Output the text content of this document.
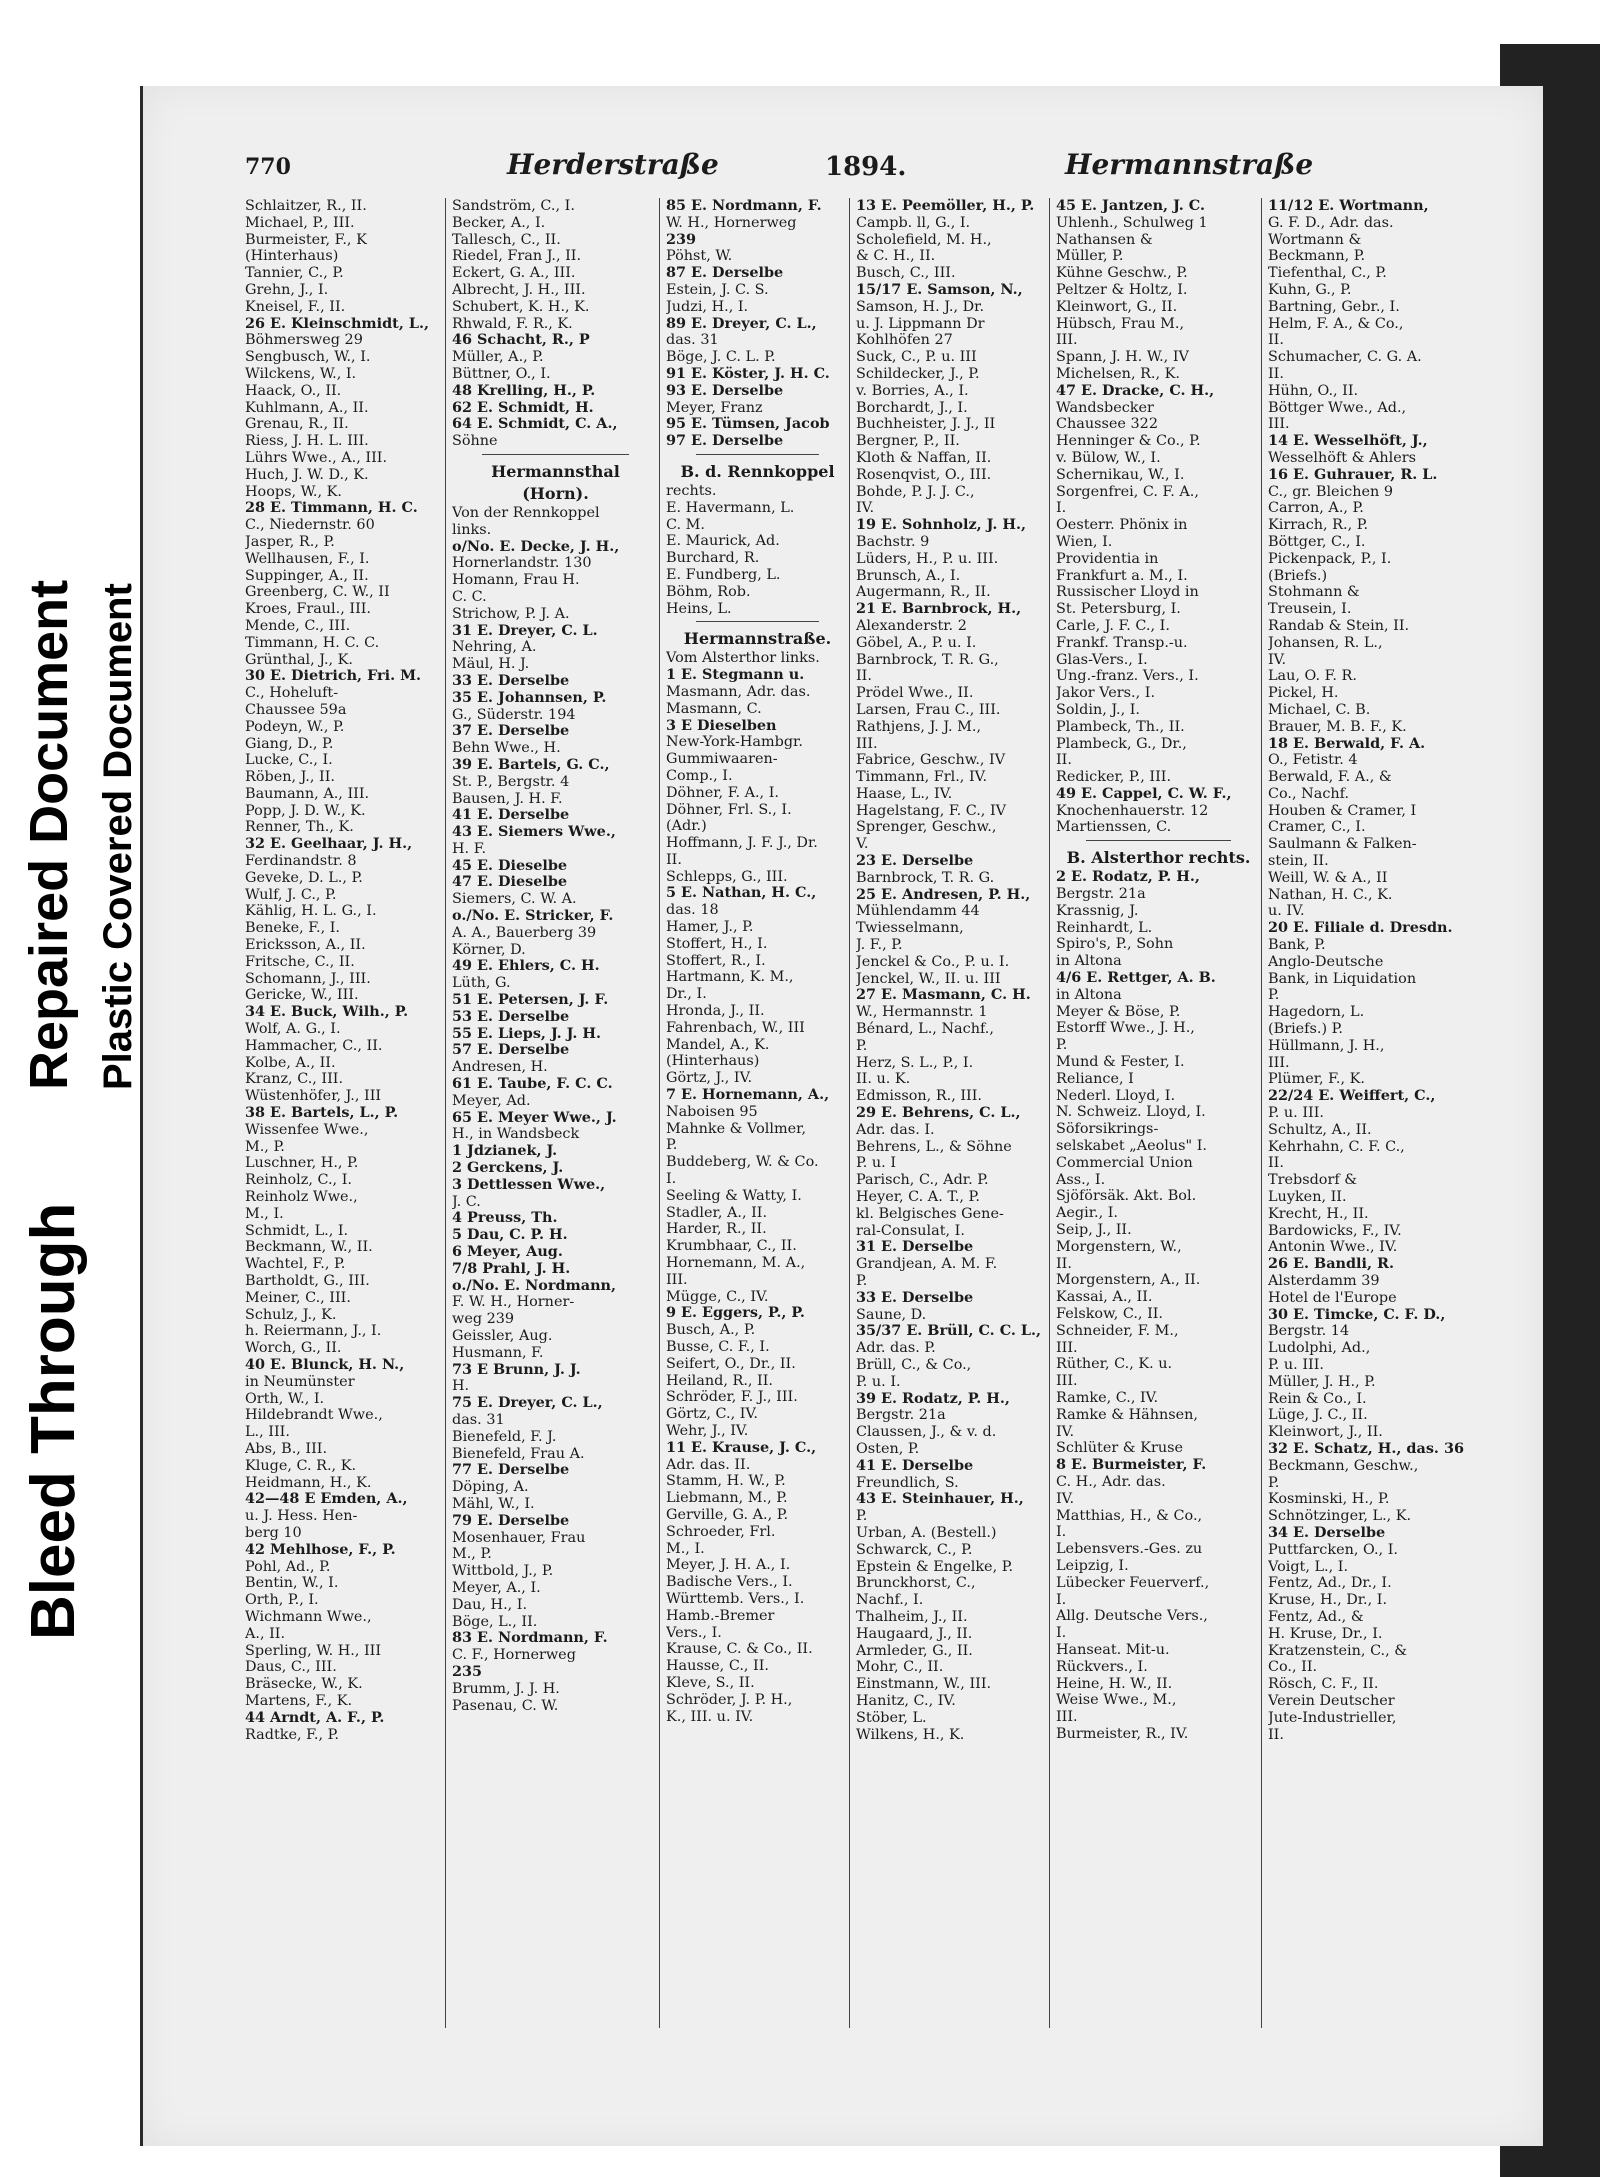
Bleed Through
Repaired Document Plastic Covered Document
770	Herderstraße	1894.	Hermannstraße
Schlaitzer, R., II.
Michael, P., III.
Burmeister, F., K
(Hinterhaus)
Tannier, C., P.
Grehn, J., I.
Kneisel, F., II.
26 E. Kleinschmidt, L.,
Böhmersweg 29
Sengbusch, W., I.
Wilckens, W., I.
Haack, O., II.
Kuhlmann, A., II.
Grenau, R., II.
Riess, J. H. L. III.
Lührs Wwe., A., III.
Huch, J. W. D., K.
Hoops, W., K.
28 E. Timmann, H. C.
C., Niedernstr. 60
Jasper, R., P.
Wellhausen, F., I.
Suppinger, A., II.
Greenberg, C. W., II
Kroes, Fraul., III.
Mende, C., III.
Timmann, H. C. C.
Grünthal, J., K.
30 E. Dietrich, Fri. M.
C., Hoheluft-
Chaussee 59a
Podeyn, W., P.
Giang, D., P.
Lucke, C., I.
Röben, J., II.
Baumann, A., III.
Popp, J. D. W., K.
Renner, Th., K.
32 E. Geelhaar, J. H.,
Ferdinandstr. 8
Geveke, D. L., P.
Wulf, J. C., P.
Kählig, H. L. G., I.
Beneke, F., I.
Ericksson, A., II.
Fritsche, C., II.
Schomann, J., III.
Gericke, W., III.
34 E. Buck, Wilh., P.
Wolf, A. G., I.
Hammacher, C., II.
Kolbe, A., II.
Kranz, C., III.
Wüstenhöfer, J., III
38 E. Bartels, L., P.
Wissenfee Wwe.,
M., P.
Luschner, H., P.
Reinholz, C., I.
Reinholz Wwe.,
M., I.
Schmidt, L., I.
Beckmann, W., II.
Wachtel, F., P.
Bartholdt, G., III.
Meiner, C., III.
Schulz, J., K.
h. Reiermann, J., I.
Worch, G., II.
40 E. Blunck, H. N.,
in Neumünster
Orth, W., I.
Hildebrandt Wwe.,
L., III.
Abs, B., III.
Kluge, C. R., K.
Heidmann, H., K.
42—48 E Emden, A.,
u. J. Hess. Hen-
berg 10
42 Mehlhose, F., P.
Pohl, Ad., P.
Bentin, W., I.
Orth, P., I.
Wichmann Wwe.,
A., II.
Sperling, W. H., III
Daus, C., III.
Bräsecke, W., K.
Martens, F., K.
44 Arndt, A. F., P.
Radtke, F., P.
Sandström, C., I.
Becker, A., I.
Tallesch, C., II.
Riedel, Fran J., II.
Eckert, G. A., III.
Albrecht, J. H., III.
Schubert, K. H., K.
Rhwald, F. R., K.
46 Schacht, R., P
Müller, A., P.
Büttner, O., I.
48 Krelling, H., P.
62 E. Schmidt, H.
64 E. Schmidt, C. A.,
Söhne
Hermannsthal
(Horn).
Von der Rennkoppel
links.
o/No. E. Decke, J. H.,
Hornerlandstr. 130
Homann, Frau H.
C. C.
Strichow, P. J. A.
31 E. Dreyer, C. L.
Nehring, A.
Mäul, H. J.
33 E. Derselbe
35 E. Johannsen, P.
G., Süderstr. 194
37 E. Derselbe
Behn Wwe., H.
39 E. Bartels, G. C.,
St. P., Bergstr. 4
Bausen, J. H. F.
41 E. Derselbe
43 E. Siemers Wwe.,
H. F.
45 E. Dieselbe
47 E. Dieselbe
Siemers, C. W. A.
o./No. E. Stricker, F.
A. A., Bauerberg 39
Körner, D.
49 E. Ehlers, C. H.
Lüth, G.
51 E. Petersen, J. F.
53 E. Derselbe
55 E. Lieps, J. J. H.
57 E. Derselbe
Andresen, H.
61 E. Taube, F. C. C.
Meyer, Ad.
65 E. Meyer Wwe., J.
H., in Wandsbeck
1 Jdzianek, J.
2 Gerckens, J.
3 Dettlessen Wwe.,
J. C.
4 Preuss, Th.
5 Dau, C. P. H.
6 Meyer, Aug.
7/8 Prahl, J. H.
o./No. E. Nordmann,
F. W. H., Horner-
weg 239
Geissler, Aug.
Husmann, F.
73 E Brunn, J. J.
H.
75 E. Dreyer, C. L.,
das. 31
Bienefeld, F. J.
Bienefeld, Frau A.
77 E. Derselbe
Döping, A.
Mähl, W., I.
79 E. Derselbe
Mosenhauer, Frau
M., P.
Wittbold, J., P.
Meyer, A., I.
Dau, H., I.
Böge, L., II.
83 E. Nordmann, F.
C. F., Hornerweg
235
Brumm, J. J. H.
Pasenau, C. W.
85 E. Nordmann, F.
W. H., Hornerweg
239
Pöhst, W.
87 E. Derselbe
Estein, J. C. S.
Judzi, H., I.
89 E. Dreyer, C. L.,
das. 31
Böge, J. C. L. P.
91 E. Köster, J. H. C.
93 E. Derselbe
Meyer, Franz
95 E. Tümsen, Jacob
97 E. Derselbe
B. d. Rennkoppel
rechts.
E. Havermann, L.
C. M.
E. Maurick, Ad.
Burchard, R.
E. Fundberg, L.
Böhm, Rob.
Heins, L.
Hermannstraße.
Vom Alsterthor links.
1 E. Stegmann u.
Masmann, Adr. das.
Masmann, C.
3 E Dieselben
New-York-Hambgr.
Gummiwaaren-
Comp., I.
Döhner, F. A., I.
Döhner, Frl. S., I.
(Adr.)
Hoffmann, J. F. J., Dr.
II.
Schlepps, G., III.
5 E. Nathan, H. C.,
das. 18
Hamer, J., P.
Stoffert, H., I.
Stoffert, R., I.
Hartmann, K. M.,
Dr., I.
Hronda, J., II.
Fahrenbach, W., III
Mandel, A., K.
(Hinterhaus)
Görtz, J., IV.
7 E. Hornemann, A.,
Naboisen 95
Mahnke & Vollmer,
P.
Buddeberg, W. & Co.
I.
Seeling & Watty, I.
Stadler, A., II.
Harder, R., II.
Krumbhaar, C., II.
Hornemann, M. A.,
III.
Mügge, C., IV.
9 E. Eggers, P., P.
Busch, A., P.
Busse, C. F., I.
Seifert, O., Dr., II.
Heiland, R., II.
Schröder, F. J., III.
Görtz, C., IV.
Wehr, J., IV.
11 E. Krause, J. C.,
Adr. das. II.
Stamm, H. W., P.
Liebmann, M., P.
Gerville, G. A., P.
Schroeder, Frl.
M., I.
Meyer, J. H. A., I.
Badische Vers., I.
Württemb. Vers., I.
Hamb.-Bremer
Vers., I.
Krause, C. & Co., II.
Hausse, C., II.
Kleve, S., II.
Schröder, J. P. H.,
K., III. u. IV.
13 E. Peemöller, H., P.
Campb. ll, G., I.
Scholefield, M. H.,
& C. H., II.
Busch, C., III.
15/17 E. Samson, N.,
Samson, H. J., Dr.
u. J. Lippmann Dr
Kohlhöfen 27
Suck, C., P. u. III
Schildecker, J., P.
v. Borries, A., I.
Borchardt, J., I.
Buchheister, J. J., II
Bergner, P., II.
Kloth & Naffan, II.
Rosenqvist, O., III.
Bohde, P. J. J. C.,
IV.
19 E. Sohnholz, J. H.,
Bachstr. 9
Lüders, H., P. u. III.
Brunsch, A., I.
Augermann, R., II.
21 E. Barnbrock, H.,
Alexanderstr. 2
Göbel, A., P. u. I.
Barnbrock, T. R. G.,
II.
Prödel Wwe., II.
Larsen, Frau C., III.
Rathjens, J. J. M.,
III.
Fabrice, Geschw., IV
Timmann, Frl., IV.
Haase, L., IV.
Hagelstang, F. C., IV
Sprenger, Geschw.,
V.
23 E. Derselbe
Barnbrock, T. R. G.
25 E. Andresen, P. H.,
Mühlendamm 44
Twiesselmann,
J. F., P.
Jenckel & Co., P. u. I.
Jenckel, W., II. u. III
27 E. Masmann, C. H.
W., Hermannstr. 1
Bénard, L., Nachf.,
P.
Herz, S. L., P., I.
II. u. K.
Edmisson, R., III.
29 E. Behrens, C. L.,
Adr. das. I.
Behrens, L., & Söhne
P. u. I
Parisch, C., Adr. P.
Heyer, C. A. T., P.
kl. Belgisches Gene-
ral-Consulat, I.
31 E. Derselbe
Grandjean, A. M. F.
P.
33 E. Derselbe
Saune, D.
35/37 E. Brüll, C. C. L.,
Adr. das. P.
Brüll, C., & Co.,
P. u. I.
39 E. Rodatz, P. H.,
Bergstr. 21a
Claussen, J., & v. d.
Osten, P.
41 E. Derselbe
Freundlich, S.
43 E. Steinhauer, H.,
P.
Urban, A. (Bestell.)
Schwarck, C., P.
Epstein & Engelke, P.
Brunckhorst, C.,
Nachf., I.
Thalheim, J., II.
Haugaard, J., II.
Armleder, G., II.
Mohr, C., II.
Einstmann, W., III.
Hanitz, C., IV.
Stöber, L.
Wilkens, H., K.
45 E. Jantzen, J. C.
Uhlenh., Schulweg 1
Nathansen &
Müller, P.
Kühne Geschw., P.
Peltzer & Holtz, I.
Kleinwort, G., II.
Hübsch, Frau M.,
III.
Spann, J. H. W., IV
Michelsen, R., K.
47 E. Dracke, C. H.,
Wandsbecker
Chaussee 322
Henninger & Co., P.
v. Bülow, W., I.
Schernikau, W., I.
Sorgenfrei, C. F. A.,
I.
Oesterr. Phönix in
Wien, I.
Providentia in
Frankfurt a. M., I.
Russischer Lloyd in
St. Petersburg, I.
Carle, J. F. C., I.
Frankf. Transp.-u.
Glas-Vers., I.
Ung.-franz. Vers., I.
Jakor Vers., I.
Soldin, J., I.
Plambeck, Th., II.
Plambeck, G., Dr.,
II.
Redicker, P., III.
49 E. Cappel, C. W. F.,
Knochenhauerstr. 12
Martienssen, C.
B. Alsterthor rechts.
2 E. Rodatz, P. H.,
Bergstr. 21a
Krassnig, J.
Reinhardt, L.
Spiro's, P., Sohn
in Altona
4/6 E. Rettger, A. B.
in Altona
Meyer & Böse, P.
Estorff Wwe., J. H.,
P.
Mund & Fester, I.
Reliance, I
Nederl. Lloyd, I.
N. Schweiz. Lloyd, I.
Söforsikrings-
selskabet „Aeolus" I.
Commercial Union
Ass., I.
Sjöförsäk. Akt. Bol.
Aegir., I.
Seip, J., II.
Morgenstern, W.,
II.
Morgenstern, A., II.
Kassai, A., II.
Felskow, C., II.
Schneider, F. M.,
III.
Rüther, C., K. u.
III.
Ramke, C., IV.
Ramke & Hähnsen,
IV.
Schlüter & Kruse
8 E. Burmeister, F.
C. H., Adr. das.
IV.
Matthias, H., & Co.,
I.
Lebensvers.-Ges. zu
Leipzig, I.
Lübecker Feuerverf.,
I.
Allg. Deutsche Vers.,
I.
Hanseat. Mit-u.
Rückvers., I.
Heine, H. W., II.
Weise Wwe., M.,
III.
Burmeister, R., IV.
11/12 E. Wortmann,
G. F. D., Adr. das.
Wortmann &
Beckmann, P.
Tiefenthal, C., P.
Kuhn, G., P.
Bartning, Gebr., I.
Helm, F. A., & Co.,
II.
Schumacher, C. G. A.
II.
Hühn, O., II.
Böttger Wwe., Ad.,
III.
14 E. Wesselhöft, J.,
Wesselhöft & Ahlers
16 E. Guhrauer, R. L.
C., gr. Bleichen 9
Carron, A., P.
Kirrach, R., P.
Böttger, C., I.
Pickenpack, P., I.
(Briefs.)
Stohmann &
Treusein, I.
Randab & Stein, II.
Johansen, R. L.,
IV.
Lau, O. F. R.
Pickel, H.
Michael, C. B.
Brauer, M. B. F., K.
18 E. Berwald, F. A.
O., Fetistr. 4
Berwald, F. A., &
Co., Nachf.
Houben & Cramer, I
Cramer, C., I.
Saulmann & Falken-
stein, II.
Weill, W. & A., II
Nathan, H. C., K.
u. IV.
20 E. Filiale d. Dresdn.
Bank, P.
Anglo-Deutsche
Bank, in Liquidation
P.
Hagedorn, L.
(Briefs.) P.
Hüllmann, J. H.,
III.
Plümer, F., K.
22/24 E. Weiffert, C.,
P. u. III.
Schultz, A., II.
Kehrhahn, C. F. C.,
II.
Trebsdorf &
Luyken, II.
Krecht, H., II.
Bardowicks, F., IV.
Antonin Wwe., IV.
26 E. Bandli, R.
Alsterdamm 39
Hotel de l'Europe
30 E. Timcke, C. F. D.,
Bergstr. 14
Ludolphi, Ad.,
P. u. III.
Müller, J. H., P.
Rein & Co., I.
Lüge, J. C., II.
Kleinwort, J., II.
32 E. Schatz, H., das. 36
Beckmann, Geschw.,
P.
Kosminski, H., P.
Schnötzinger, L., K.
34 E. Derselbe
Puttfarcken, O., I.
Voigt, L., I.
Fentz, Ad., Dr., I.
Kruse, H., Dr., I.
Fentz, Ad., &
H. Kruse, Dr., I.
Kratzenstein, C., &
Co., II.
Rösch, C. F., II.
Verein Deutscher
Jute-Industrieller,
II.
